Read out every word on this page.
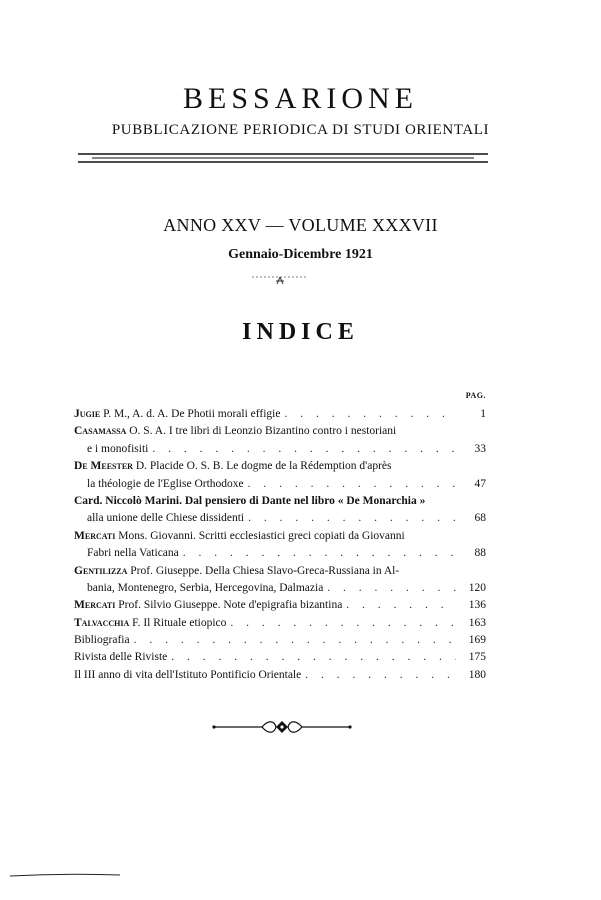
BESSARIONE
PUBBLICAZIONE PERIODICA DI STUDI ORIENTALI
ANNO XXV — VOLUME XXXVII
Gennaio-Dicembre 1921
INDICE
PAG.
Jugie P. M., A. d. A. De Photii morali effigie . . .	1
Casamassa O. S. A. I tre libri di Leonzio Bizantino contro i nestoriani
e i monofisiti . . .	33
De Meester D. Placide O. S. B. Le dogme de la Rédemption d'après
la théologie de l'Eglise Orthodoxe . . .	47
Card. Niccolò Marini. Dal pensiero di Dante nel libro « De Monarchia »
alla unione delle Chiese dissidenti . . .	68
Mercati Mons. Giovanni. Scritti ecclesiastici greci copiati da Giovanni
Fabri nella Vaticana . . .	88
Gentilizza Prof. Giuseppe. Della Chiesa Slavo-Greca-Russiana in Al-
bania, Montenegro, Serbia, Hercegovina, Dalmazia . . .	120
Mercati Prof. Silvio Giuseppe. Note d'epigrafia bizantina . . .	136
Talvacchia F. Il Rituale etiopico . . .	163
Bibliografia . . .	169
Rivista delle Riviste . . .	175
Il III anno di vita dell'Istituto Pontificio Orientale . . .	180
